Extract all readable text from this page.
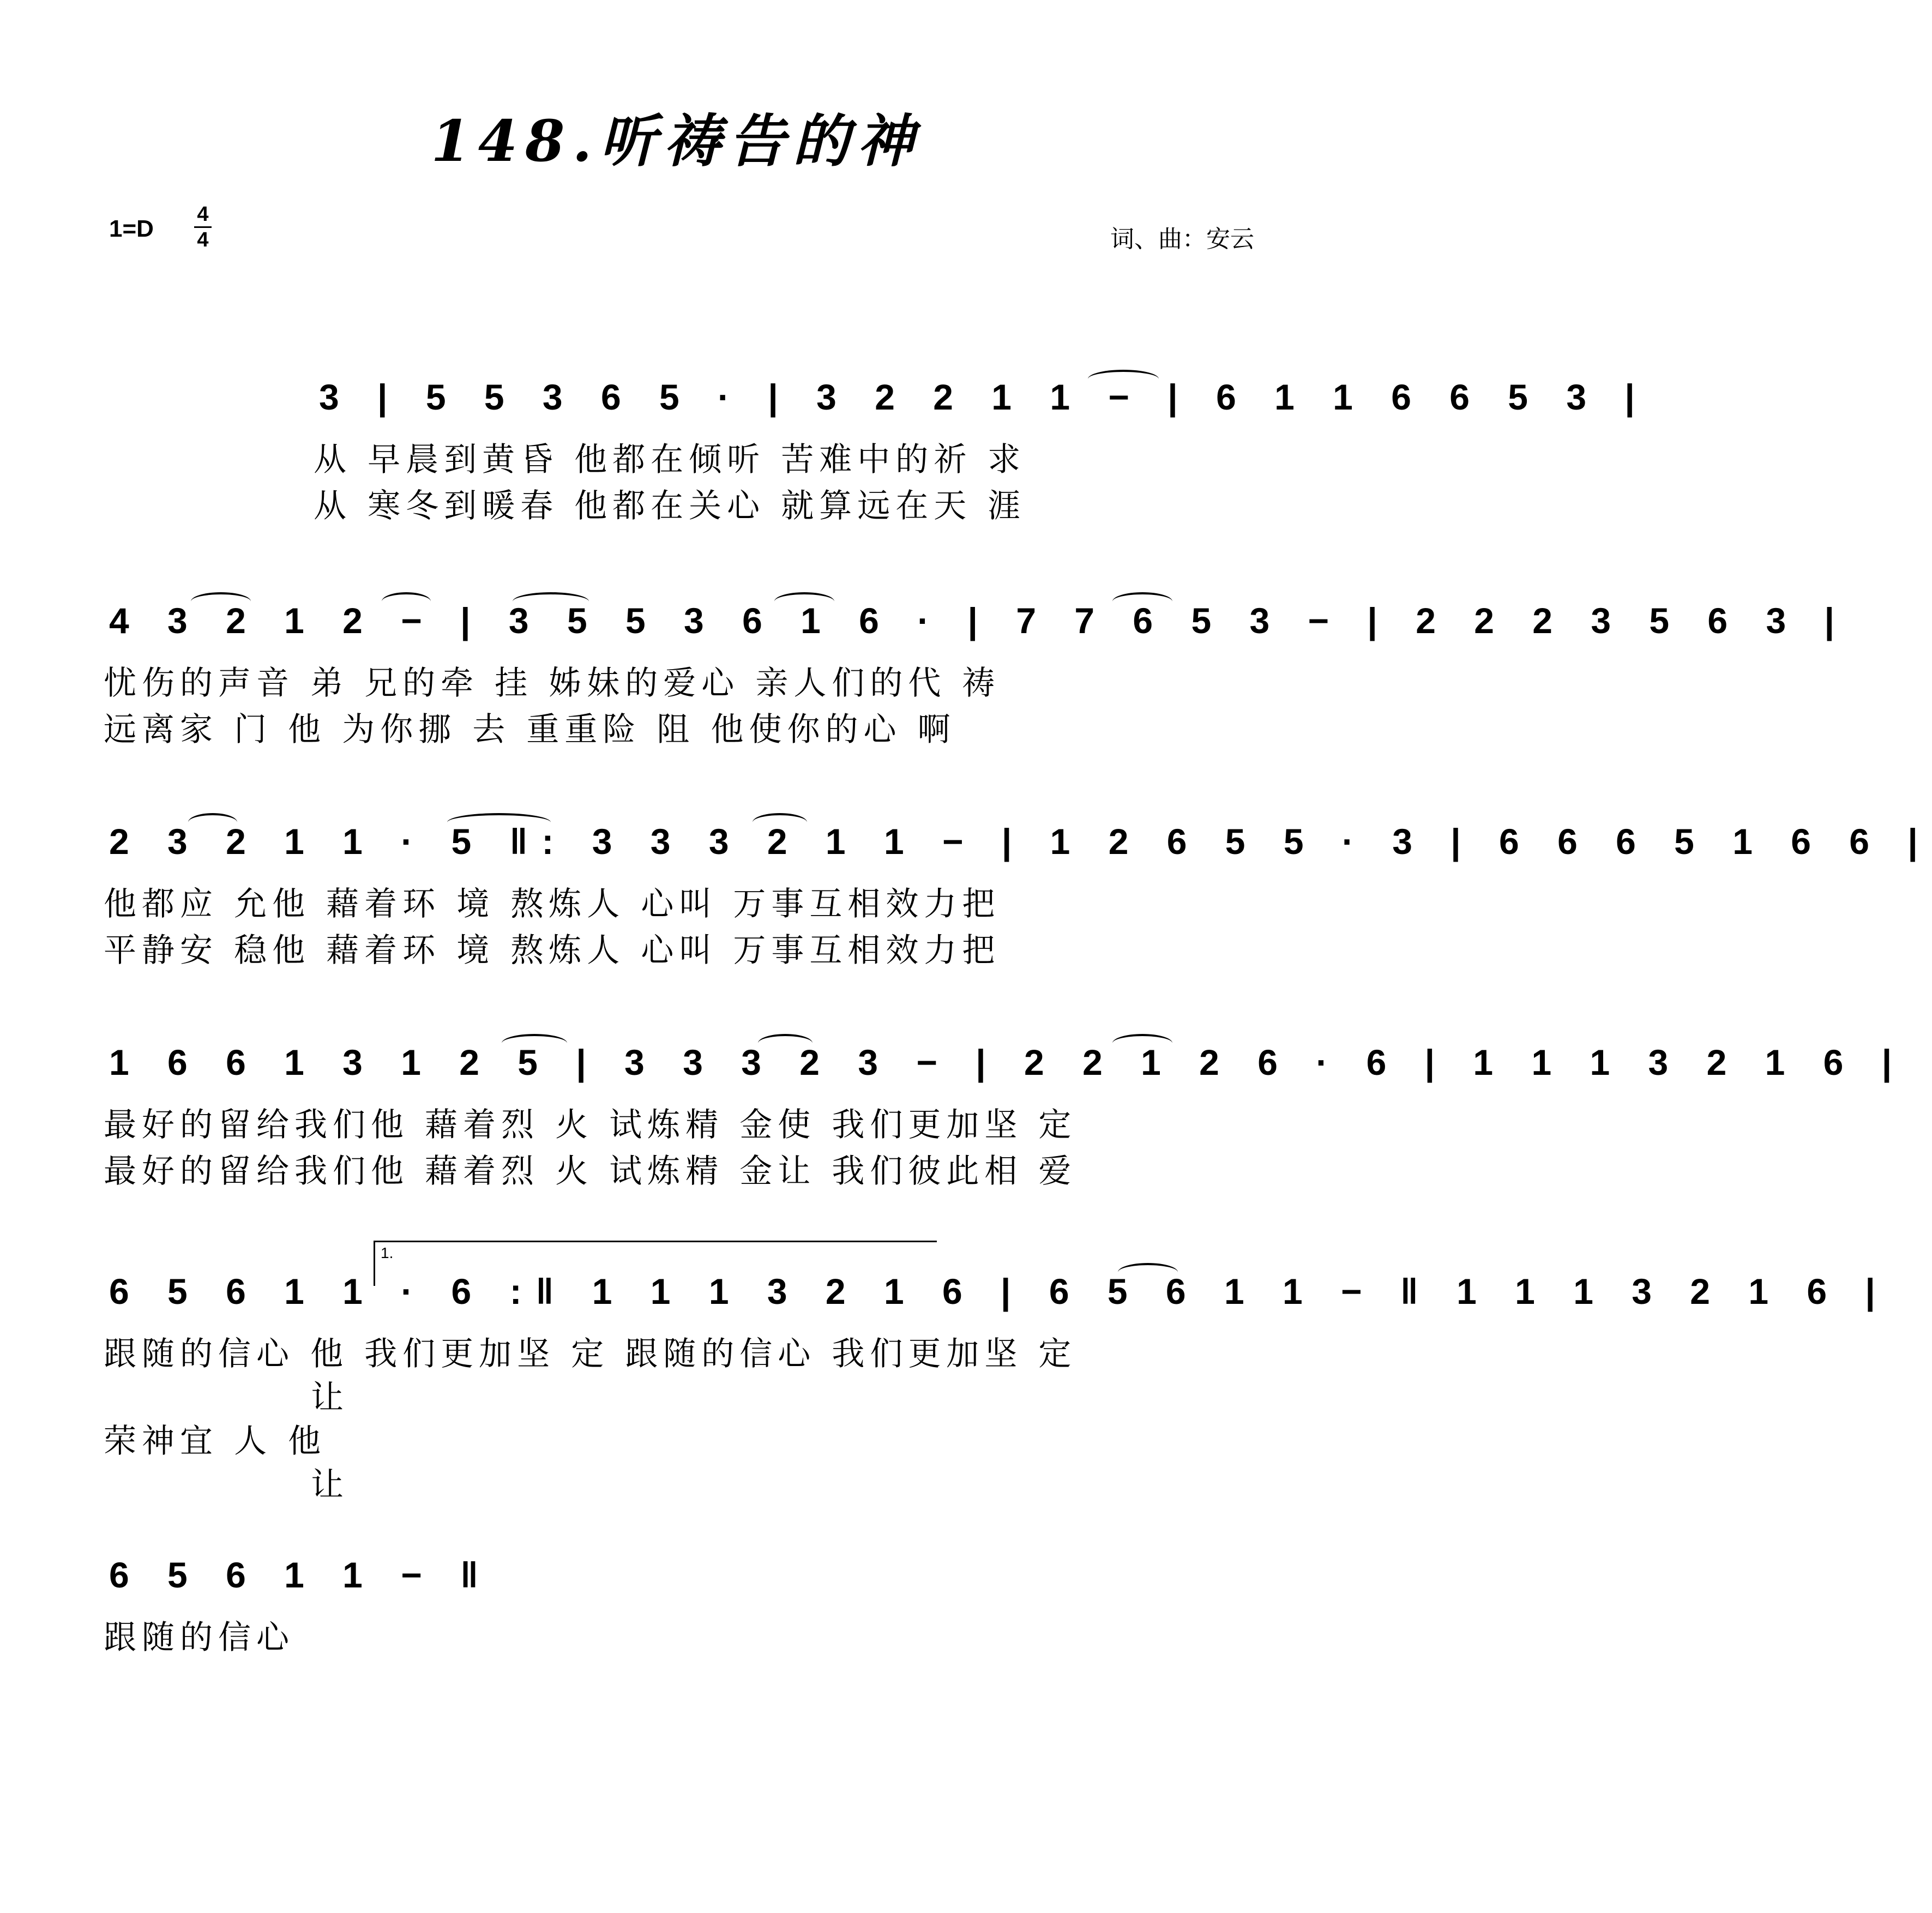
148.听祷告的神
1=D
4
4	词、曲：安云
3 | 5 5 3 6 5 · | 3 2 2 1 1 − | 6 1 1 6 6 5 3 |
从 早晨到黄昏 他都在倾听 苦难中的祈 求
从 寒冬到暖春 他都在关心 就算远在天 涯
4 3 2 1 2 − | 3 5 5 3 6 1 6 · | 7 7 6 5 3 − | 2 2 2 3 5 6 3 |
忧伤的声音 弟 兄的牵 挂 姊妹的爱心 亲人们的代 祷
远离家 门 他 为你挪 去 重重险 阻 他使你的心 啊
2 3 2 1 1 · 5 ‖: 3 3 3 2 1 1 − | 1 2 6 5 5 · 3 | 6 6 6 5 1 6 6 |
他都应 允他 藉着环 境 熬炼人 心叫 万事互相效力把
平静安 稳他 藉着环 境 熬炼人 心叫 万事互相效力把
1 6 6 1 3 1 2 5 | 3 3 3 2 3 − | 2 2 1 2 6 · 6 | 1 1 1 3 2 1 6 |
最好的留给我们他 藉着烈 火 试炼精 金使 我们更加坚 定
最好的留给我们他 藉着烈 火 试炼精 金让 我们彼此相 爱
1.
6 5 6 1 1 · 6 :‖ 1 1 1 3 2 1 6 | 6 5 6 1 1 − ‖ 1 1 1 3 2 1 6 |
跟随的信心 他 我们更加坚 定 跟随的信心 我们更加坚 定
让
荣神宜 人 他
让
6 5 6 1 1 − ‖
跟随的信心
